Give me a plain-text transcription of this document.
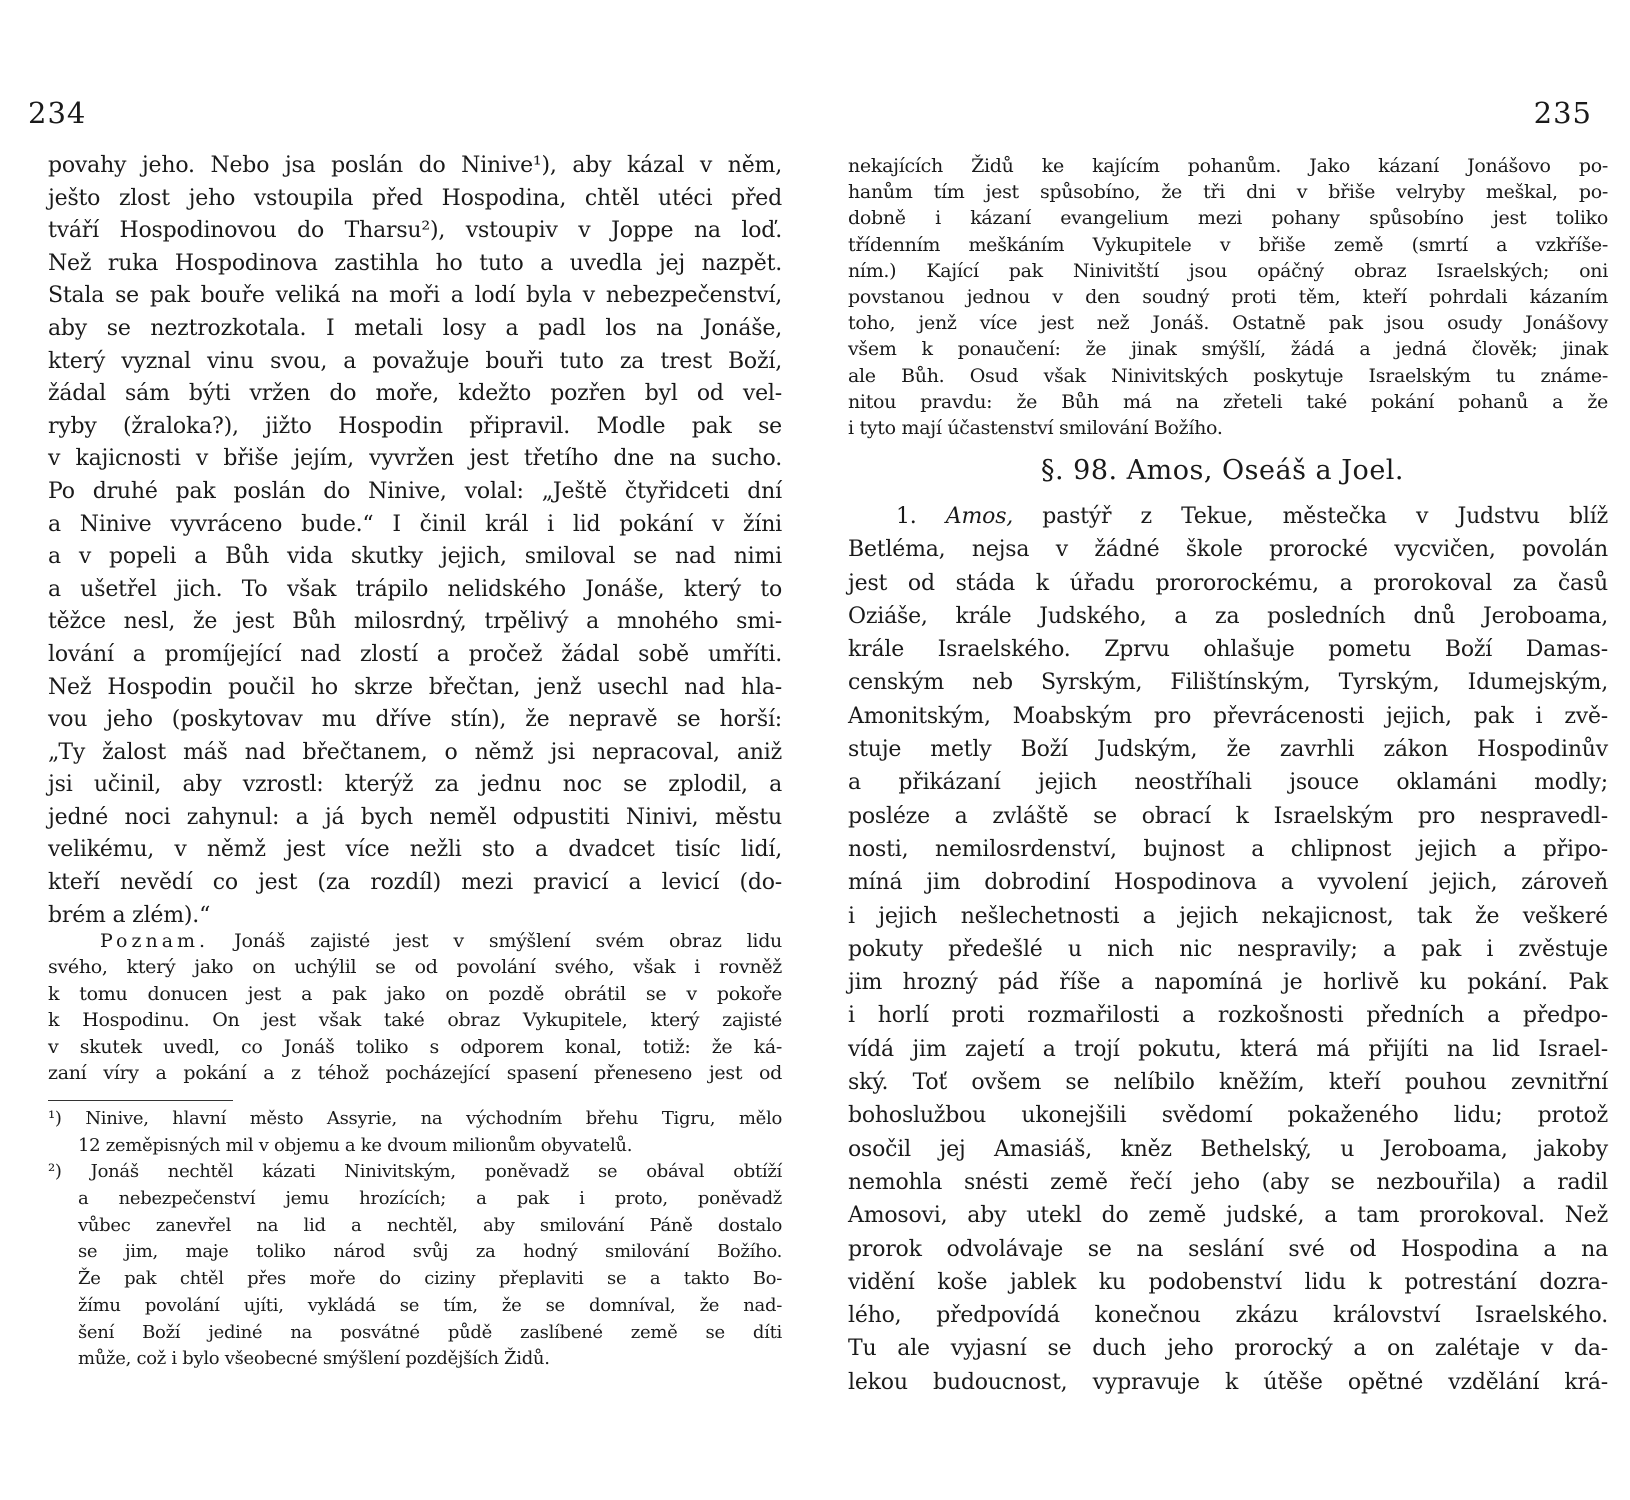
234
povahy jeho. Nebo jsa poslán do Ninive¹), aby kázal v něm,
ješto zlost jeho vstoupila před Hospodina, chtěl utéci před
tváří Hospodinovou do Tharsu²), vstoupiv v Joppe na loď.
Než ruka Hospodinova zastihla ho tuto a uvedla jej nazpět.
Stala se pak bouře veliká na moři a lodí byla v nebezpečenství,
aby se neztrozkotala. I metali losy a padl los na Jonáše,
který vyznal vinu svou, a považuje bouři tuto za trest Boží,
žádal sám býti vržen do moře, kdežto pozřen byl od vel-
ryby (žraloka?), jižto Hospodin připravil. Modle pak se
v kajicnosti v břiše jejím, vyvržen jest třetího dne na sucho.
Po druhé pak poslán do Ninive, volal: „Ještě čtyřidceti dní
a Ninive vyvráceno bude.“ I činil král i lid pokání v žíni
a v popeli a Bůh vida skutky jejich, smiloval se nad nimi
a ušetřel jich. To však trápilo nelidského Jonáše, který to
těžce nesl, že jest Bůh milosrdný, trpělivý a mnohého smi-
lování a promíjející nad zlostí a pročež žádal sobě umříti.
Než Hospodin poučil ho skrze břečtan, jenž usechl nad hla-
vou jeho (poskytovav mu dříve stín), že nepravě se horší:
„Ty žalost máš nad břečtanem, o němž jsi nepracoval, aniž
jsi učinil, aby vzrostl: kterýž za jednu noc se zplodil, a
jedné noci zahynul: a já bych neměl odpustiti Ninivi, městu
velikému, v němž jest více nežli sto a dvadcet tisíc lidí,
kteří nevědí co jest (za rozdíl) mezi pravicí a levicí (do-
brém a zlém).“
Poznam. Jonáš zajisté jest v smýšlení svém obraz lidu
svého, který jako on uchýlil se od povolání svého, však i rovněž
k tomu donucen jest a pak jako on pozdě obrátil se v pokoře
k Hospodinu. On jest však také obraz Vykupitele, který zajisté
v skutek uvedl, co Jonáš toliko s odporem konal, totiž: že ká-
zaní víry a pokání a z téhož pocházející spasení přeneseno jest od
¹) Ninive, hlavní město Assyrie, na východním břehu Tigru, mělo
12 zeměpisných mil v objemu a ke dvoum milionům obyvatelů.
²) Jonáš nechtěl kázati Ninivitským, poněvadž se obával obtíží
a nebezpečenství jemu hrozících; a pak i proto, poněvadž
vůbec zanevřel na lid a nechtěl, aby smilování Páně dostalo
se jim, maje toliko národ svůj za hodný smilování Božího.
Že pak chtěl přes moře do ciziny přeplaviti se a takto Bo-
žímu povolání ujíti, vykládá se tím, že se domníval, že nad-
šení Boží jediné na posvátné půdě zaslíbené země se díti
může, což i bylo všeobecné smýšlení pozdějších Židů.
235
nekajících Židů ke kajícím pohanům. Jako kázaní Jonášovo po-
hanům tím jest spůsobíno, že tři dni v břiše velryby meškal, po-
dobně i kázaní evangelium mezi pohany spůsobíno jest toliko
třídenním meškáním Vykupitele v břiše země (smrtí a vzkříše-
ním.) Kající pak Ninivitští jsou opáčný obraz Israelských; oni
povstanou jednou v den soudný proti těm, kteří pohrdali kázaním
toho, jenž více jest než Jonáš. Ostatně pak jsou osudy Jonášovy
všem k ponaučení: že jinak smýšlí, žádá a jedná člověk; jinak
ale Bůh. Osud však Ninivitských poskytuje Israelským tu známe-
nitou pravdu: že Bůh má na zřeteli také pokání pohanů a že
i tyto mají účastenství smilování Božího.
§. 98. Amos, Oseáš a Joel.
1. Amos, pastýř z Tekue, městečka v Judstvu blíž
Betléma, nejsa v žádné škole prorocké vycvičen, povolán
jest od stáda k úřadu prororockému, a prorokoval za časů
Oziáše, krále Judského, a za posledních dnů Jeroboama,
krále Israelského. Zprvu ohlašuje pometu Boží Damas-
cenským neb Syrským, Filištínským, Tyrským, Idumejským,
Amonitským, Moabským pro převrácenosti jejich, pak i zvě-
stuje metly Boží Judským, že zavrhli zákon Hospodinův
a přikázaní jejich neostříhali jsouce oklamáni modly;
posléze a zvláště se obrací k Israelským pro nespravedl-
nosti, nemilosrdenství, bujnost a chlipnost jejich a připo-
míná jim dobrodiní Hospodinova a vyvolení jejich, zároveň
i jejich nešlechetnosti a jejich nekajicnost, tak že veškeré
pokuty předešlé u nich nic nespravily; a pak i zvěstuje
jim hrozný pád říše a napomíná je horlivě ku pokání. Pak
i horlí proti rozmařilosti a rozkošnosti předních a předpo-
vídá jim zajetí a trojí pokutu, která má přijíti na lid Israel-
ský. Toť ovšem se nelíbilo kněžím, kteří pouhou zevnitřní
bohoslužbou ukonejšili svědomí pokaženého lidu; protož
osočil jej Amasiáš, kněz Bethelský, u Jeroboama, jakoby
nemohla snésti země řečí jeho (aby se nezbouřila) a radil
Amosovi, aby utekl do země judské, a tam prorokoval. Než
prorok odvolávaje se na seslání své od Hospodina a na
vidění koše jablek ku podobenství lidu k potrestání dozra-
lého, předpovídá konečnou zkázu království Israelského.
Tu ale vyjasní se duch jeho prorocký a on zalétaje v da-
lekou budoucnost, vypravuje k útěše opětné vzdělání krá-
